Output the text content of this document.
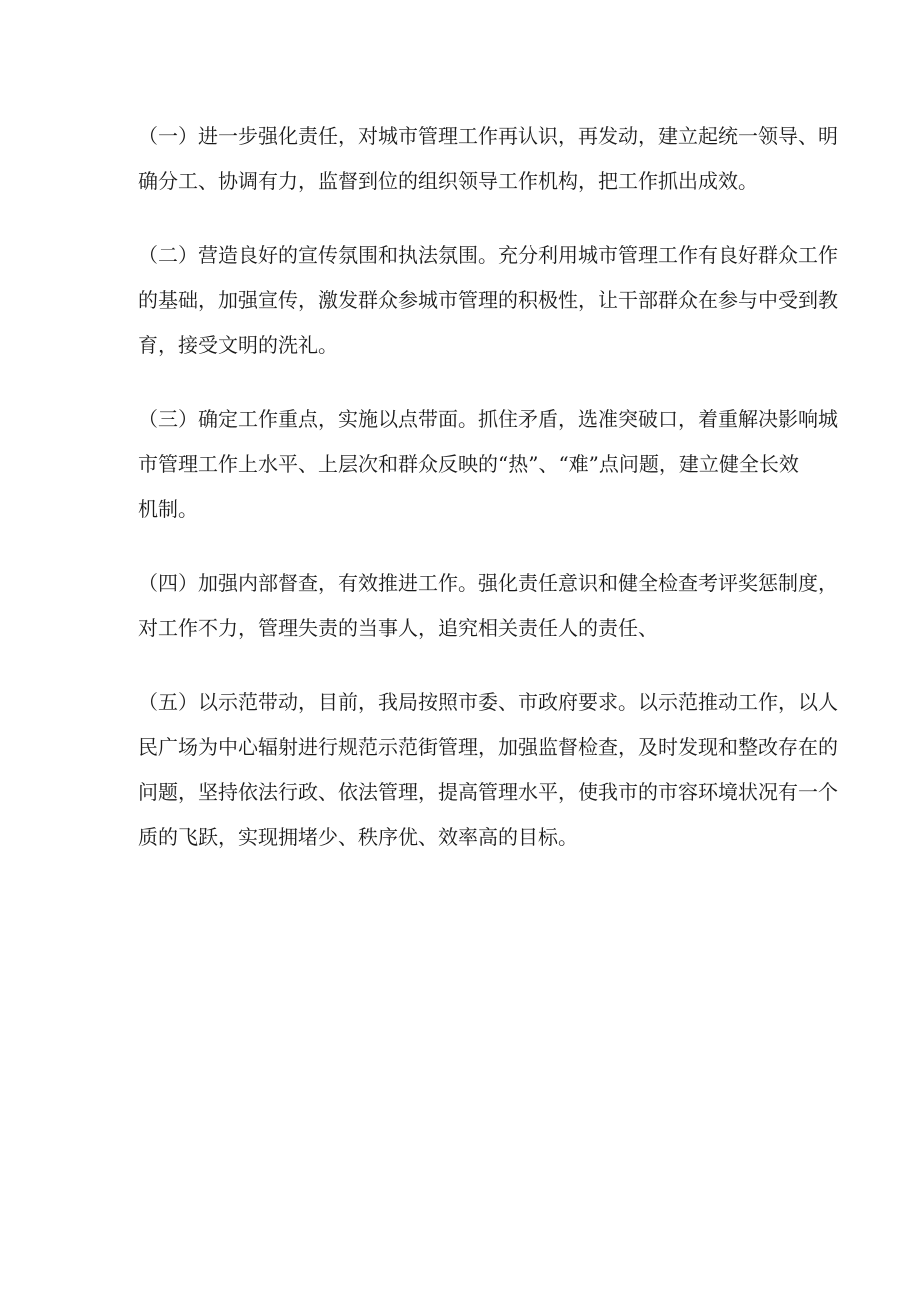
（一）进一步强化责任，对城市管理工作再认识，再发动，建立起统一领导、明
确分工、协调有力，监督到位的组织领导工作机构，把工作抓出成效。
（二）营造良好的宣传氛围和执法氛围。充分利用城市管理工作有良好群众工作
的基础，加强宣传，激发群众参城市管理的积极性，让干部群众在参与中受到教
育，接受文明的洗礼。
（三）确定工作重点，实施以点带面。抓住矛盾，选准突破口，着重解决影响城
市管理工作上水平、上层次和群众反映的“热”、“难”点问题，建立健全长效
机制。
（四）加强内部督查，有效推进工作。强化责任意识和健全检查考评奖惩制度，
对工作不力，管理失责的当事人，追究相关责任人的责任、
（五）以示范带动，目前，我局按照市委、市政府要求。以示范推动工作，以人
民广场为中心辐射进行规范示范街管理，加强监督检查，及时发现和整改存在的
问题，坚持依法行政、依法管理，提高管理水平，使我市的市容环境状况有一个
质的飞跃，实现拥堵少、秩序优、效率高的目标。
